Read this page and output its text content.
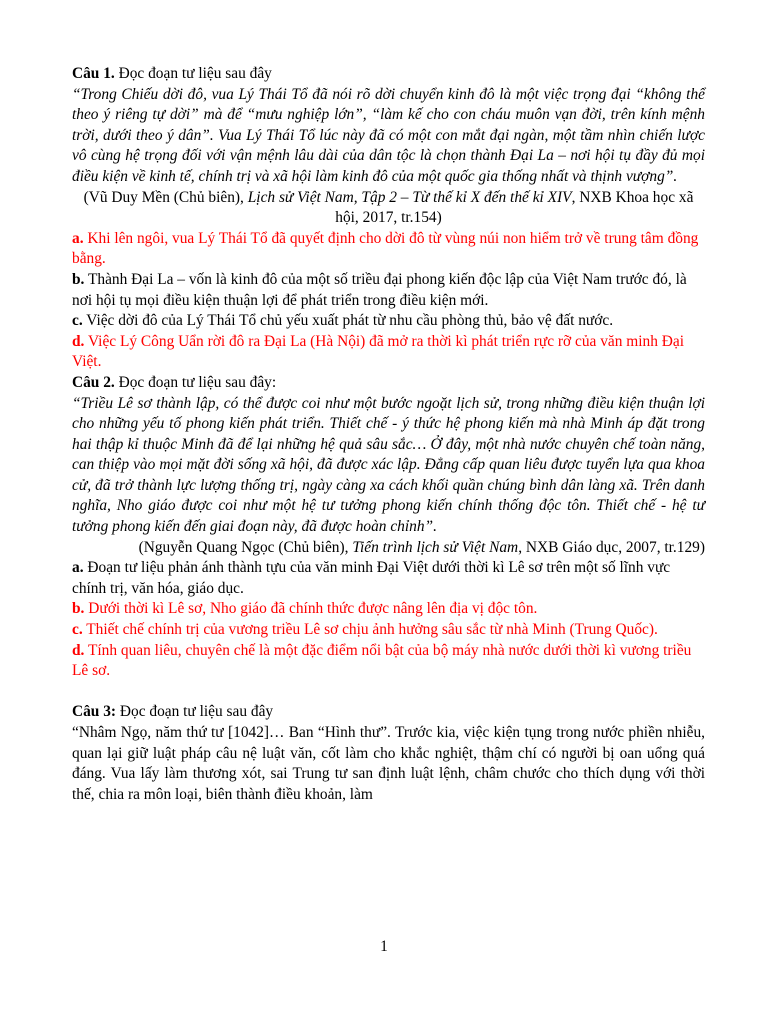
Câu 1. Đọc đoạn tư liệu sau đây

“Trong Chiếu dời đô, vua Lý Thái Tổ đã nói rõ dời chuyển kinh đô là một việc trọng đại “không thể theo ý riêng tự dời” mà để “mưu nghiệp lớn”, “làm kế cho con cháu muôn vạn đời, trên kính mệnh trời, dưới theo ý dân”. Vua Lý Thái Tổ lúc này đã có một con mắt đại ngàn, một tầm nhìn chiến lược vô cùng hệ trọng đối với vận mệnh lâu dài của dân tộc là chọn thành Đại La – nơi hội tụ đầy đủ mọi điều kiện về kinh tế, chính trị và xã hội làm kinh đô của một quốc gia thống nhất và thịnh vượng”.

(Vũ Duy Mền (Chủ biên), Lịch sử Việt Nam, Tập 2 – Từ thế kỉ X đến thế kỉ XIV, NXB Khoa học xã hội, 2017, tr.154)

a. Khi lên ngôi, vua Lý Thái Tổ đã quyết định cho dời đô từ vùng núi non hiểm trở về trung tâm đồng bằng.

b. Thành Đại La – vốn là kinh đô của một số triều đại phong kiến độc lập của Việt Nam trước đó, là nơi hội tụ mọi điều kiện thuận lợi để phát triển trong điều kiện mới.

c. Việc dời đô của Lý Thái Tổ chủ yếu xuất phát từ nhu cầu phòng thủ, bảo vệ đất nước.

d. Việc Lý Công Uẩn rời đô ra Đại La (Hà Nội) đã mở ra thời kì phát triển rực rỡ của văn minh Đại Việt.

Câu 2. Đọc đoạn tư liệu sau đây:

“Triều Lê sơ thành lập, có thể được coi như một bước ngoặt lịch sử, trong những điều kiện thuận lợi cho những yếu tố phong kiến phát triển. Thiết chế - ý thức hệ phong kiến mà nhà Minh áp đặt trong hai thập kỉ thuộc Minh đã để lại những hệ quả sâu sắc… Ở đây, một nhà nước chuyên chế toàn năng, can thiệp vào mọi mặt đời sống xã hội, đã được xác lập. Đẳng cấp quan liêu được tuyển lựa qua khoa cử, đã trở thành lực lượng thống trị, ngày càng xa cách khối quần chúng bình dân làng xã. Trên danh nghĩa, Nho giáo được coi như một hệ tư tưởng phong kiến chính thống độc tôn. Thiết chế - hệ tư tưởng phong kiến đến giai đoạn này, đã được hoàn chỉnh”.

(Nguyễn Quang Ngọc (Chủ biên), Tiến trình lịch sử Việt Nam, NXB Giáo dục, 2007, tr.129)

a. Đoạn tư liệu phản ánh thành tựu của văn minh Đại Việt dưới thời kì Lê sơ trên một số lĩnh vực chính trị, văn hóa, giáo dục.

b. Dưới thời kì Lê sơ, Nho giáo đã chính thức được nâng lên địa vị độc tôn.

c. Thiết chế chính trị của vương triều Lê sơ chịu ảnh hưởng sâu sắc từ nhà Minh (Trung Quốc).

d. Tính quan liêu, chuyên chế là một đặc điểm nổi bật của bộ máy nhà nước dưới thời kì vương triều Lê sơ.

Câu 3: Đọc đoạn tư liệu sau đây

“Nhâm Ngọ, năm thứ tư [1042]… Ban “Hình thư”. Trước kia, việc kiện tụng trong nước phiền nhiễu, quan lại giữ luật pháp câu nệ luật văn, cốt làm cho khắc nghiệt, thậm chí có người bị oan uổng quá đáng. Vua lấy làm thương xót, sai Trung tư san định luật lệnh, châm chước cho thích dụng với thời thế, chia ra môn loại, biên thành điều khoản, làm

1
